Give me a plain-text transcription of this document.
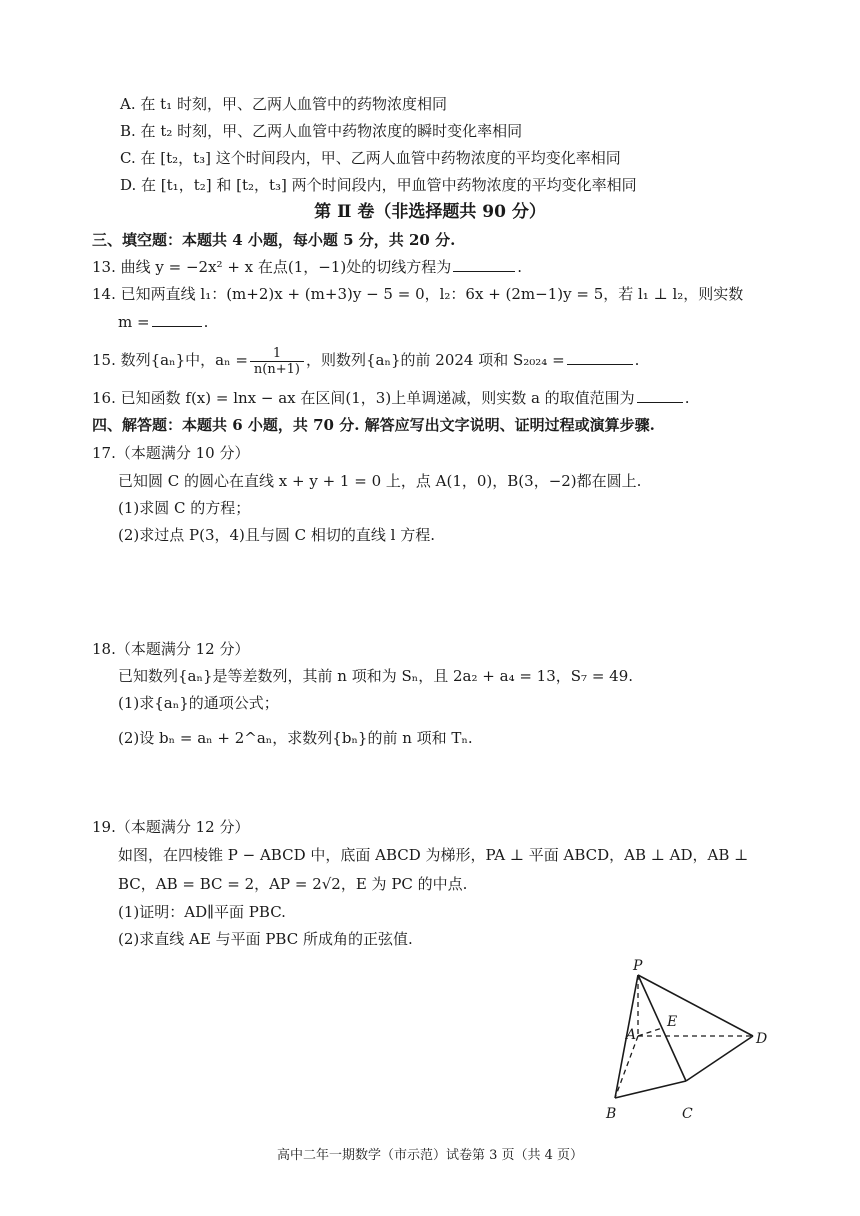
A. 在 t₁ 时刻，甲、乙两人血管中的药物浓度相同
B. 在 t₂ 时刻，甲、乙两人血管中药物浓度的瞬时变化率相同
C. 在 [t₂，t₃] 这个时间段内，甲、乙两人血管中药物浓度的平均变化率相同
D. 在 [t₁，t₂] 和 [t₂，t₃] 两个时间段内，甲血管中药物浓度的平均变化率相同
第 Ⅱ 卷（非选择题共 90 分）
三、填空题：本题共 4 小题，每小题 5 分，共 20 分.
13. 曲线 y = −2x² + x 在点(1，−1)处的切线方程为	.
14. 已知两直线 l₁：(m+2)x + (m+3)y − 5 = 0，l₂：6x + (2m−1)y = 5，若 l₁ ⊥ l₂，则实数
m =	.
15. 数列{aₙ}中，$a_n = \frac{1}{n(n+1)}$ ，则数列{aₙ}的前 2024 项和 S₂₀₂₄ =	.
16. 已知函数 f(x) = lnx − ax 在区间(1，3)上单调递减，则实数 a 的取值范围为	.
四、解答题：本题共 6 小题，共 70 分. 解答应写出文字说明、证明过程或演算步骤.
17.（本题满分 10 分）
已知圆 C 的圆心在直线 x + y + 1 = 0 上，点 A(1，0)，B(3，−2)都在圆上.
(1)求圆 C 的方程；
(2)求过点 P(3，4)且与圆 C 相切的直线 l 方程.
18.（本题满分 12 分）
已知数列{aₙ}是等差数列，其前 n 项和为 Sₙ，且 2a₂ + a₄ = 13，S₇ = 49.
(1)求{aₙ}的通项公式；
(2)设 bₙ = aₙ + 2^aₙ，求数列{bₙ}的前 n 项和 Tₙ.
19.（本题满分 12 分）
如图，在四棱锥 P − ABCD 中，底面 ABCD 为梯形，PA ⊥ 平面 ABCD，AB ⊥ AD，AB ⊥
BC，AB = BC = 2，AP = 2√2，E 为 PC 的中点.
(1)证明：AD∥平面 PBC.
(2)求直线 AE 与平面 PBC 所成角的正弦值.
P
E
A
B	C
D
高中二年一期数学（市示范）试卷第 3 页（共 4 页）
